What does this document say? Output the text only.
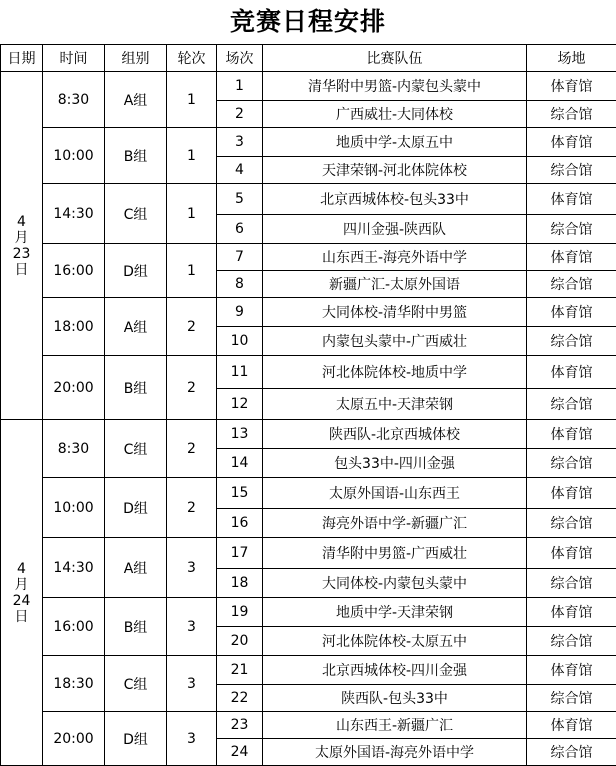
竞赛日程安排
日期	时间	组别	轮次	场次	比赛队伍	场地

4
月
23
日	8:30	A组	1	1	清华附中男篮-内蒙包头蒙中	体育馆
				2	广西威壮-大同体校	综合馆
	10:00	B组	1	3	地质中学-太原五中	体育馆
				4	天津荣钢-河北体院体校	综合馆
	14:30	C组	1	5	北京西城体校-包头33中	体育馆
				6	四川金强-陕西队	综合馆
	16:00	D组	1	7	山东西王-海亮外语中学	体育馆
				8	新疆广汇-太原外国语	综合馆
	18:00	A组	2	9	大同体校-清华附中男篮	体育馆
				10	内蒙包头蒙中-广西威壮	综合馆
	20:00	B组	2	11	河北体院体校-地质中学	体育馆
				12	太原五中-天津荣钢	综合馆

4
月
24
日	8:30	C组	2	13	陕西队-北京西城体校	体育馆
				14	包头33中-四川金强	综合馆
	10:00	D组	2	15	太原外国语-山东西王	体育馆
				16	海亮外语中学-新疆广汇	综合馆
	14:30	A组	3	17	清华附中男篮-广西威壮	体育馆
				18	大同体校-内蒙包头蒙中	综合馆
	16:00	B组	3	19	地质中学-天津荣钢	体育馆
				20	河北体院体校-太原五中	综合馆
	18:30	C组	3	21	北京西城体校-四川金强	体育馆
				22	陕西队-包头33中	综合馆
	20:00	D组	3	23	山东西王-新疆广汇	体育馆
				24	太原外国语-海亮外语中学	综合馆
